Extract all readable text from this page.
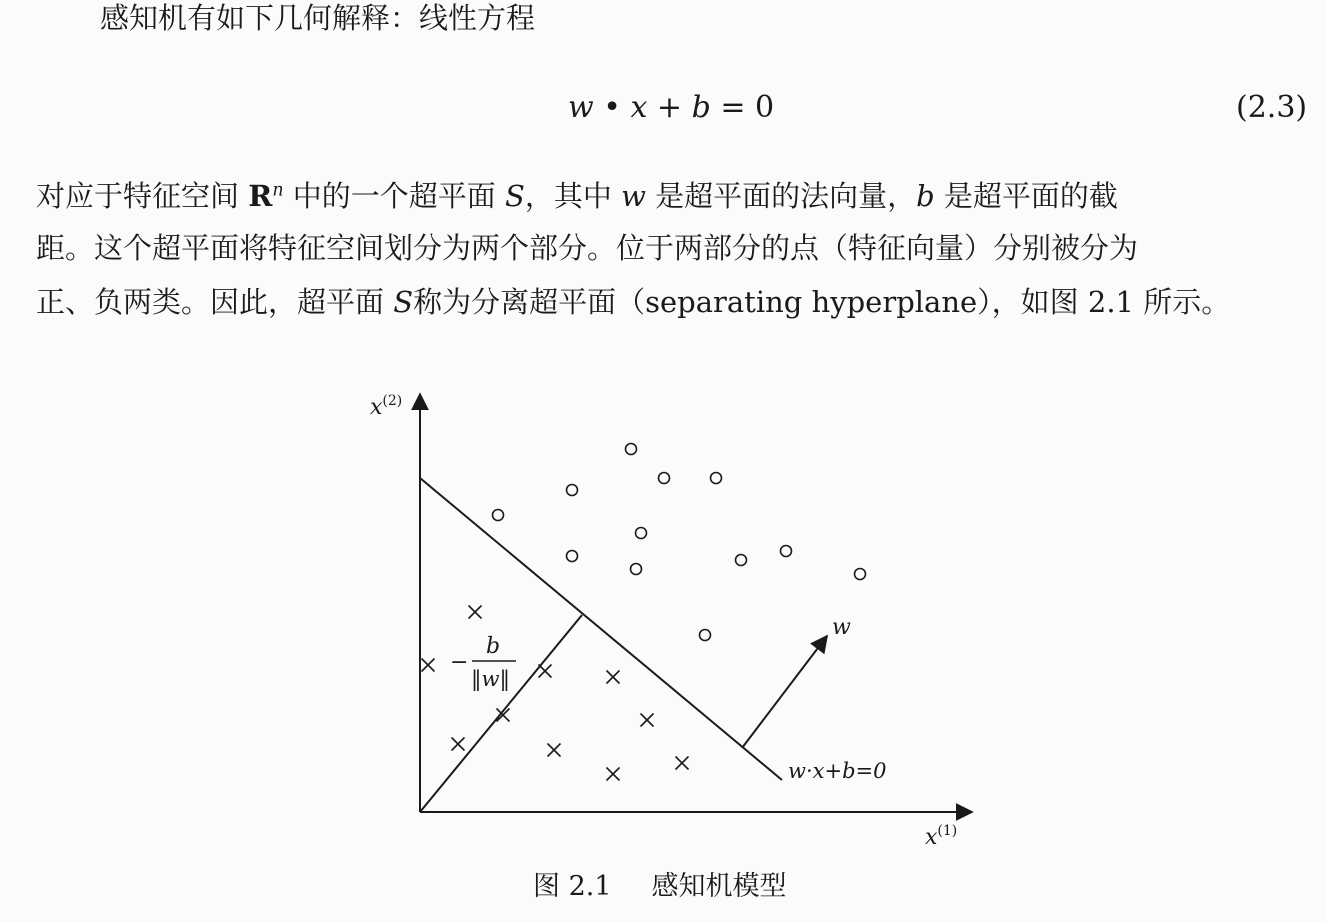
感知机有如下几何解释：线性方程
w • x + b = 0	(2.3)
对应于特征空间 $R^n$ 中的一个超平面 S，其中 w 是超平面的法向量，b 是超平面的截
距。这个超平面将特征空间划分为两个部分。位于两部分的点（特征向量）分别被分为
正、负两类。因此，超平面 S称为分离超平面（separating hyperplane），如图 2.1 所示。
$x^{(2)}$
$x^{(1)}$
w
w·x+b=0
−
b
‖w‖
图 2.1 感知机模型
